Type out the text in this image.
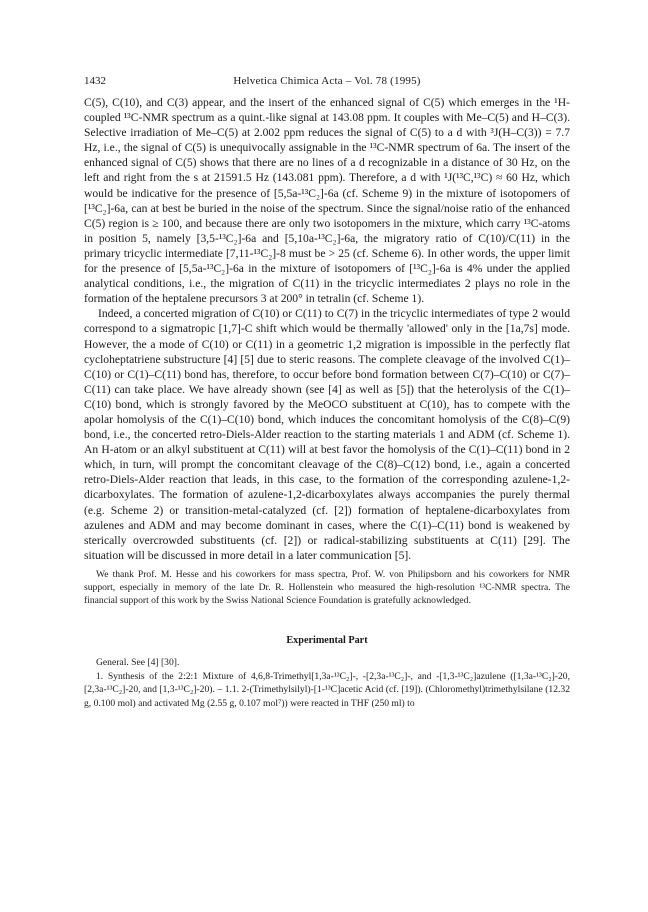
1432	Helvetica Chimica Acta – Vol. 78 (1995)

C(5), C(10), and C(3) appear, and the insert of the enhanced signal of C(5) which emerges in the ¹H-coupled ¹³C-NMR spectrum as a quint.-like signal at 143.08 ppm. It couples with Me–C(5) and H–C(3). Selective irradiation of Me–C(5) at 2.002 ppm reduces the signal of C(5) to a d with ³J(H–C(3)) = 7.7 Hz, i.e., the signal of C(5) is unequivocally assignable in the ¹³C-NMR spectrum of 6a. The insert of the enhanced signal of C(5) shows that there are no lines of a d recognizable in a distance of 30 Hz, on the left and right from the s at 21591.5 Hz (143.081 ppm). Therefore, a d with ¹J(¹³C,¹³C) ≈ 60 Hz, which would be indicative for the presence of [5,5a-¹³C₂]-6a (cf. Scheme 9) in the mixture of isotopomers of [¹³C₂]-6a, can at best be buried in the noise of the spectrum. Since the signal/noise ratio of the enhanced C(5) region is ≥ 100, and because there are only two isotopomers in the mixture, which carry ¹³C-atoms in position 5, namely [3,5-¹³C₂]-6a and [5,10a-¹³C₂]-6a, the migratory ratio of C(10)/C(11) in the primary tricyclic intermediate [7,11-¹³C₂]-8 must be > 25 (cf. Scheme 6). In other words, the upper limit for the presence of [5,5a-¹³C₂]-6a in the mixture of isotopomers of [¹³C₂]-6a is 4% under the applied analytical conditions, i.e., the migration of C(11) in the tricyclic intermediates 2 plays no role in the formation of the heptalene precursors 3 at 200° in tetralin (cf. Scheme 1).

Indeed, a concerted migration of C(10) or C(11) to C(7) in the tricyclic intermediates of type 2 would correspond to a sigmatropic [1,7]-C shift which would be thermally 'allowed' only in the [1a,7s] mode. However, the a mode of C(10) or C(11) in a geometric 1,2 migration is impossible in the perfectly flat cycloheptatriene substructure [4] [5] due to steric reasons. The complete cleavage of the involved C(1)–C(10) or C(1)–C(11) bond has, therefore, to occur before bond formation between C(7)–C(10) or C(7)–C(11) can take place. We have already shown (see [4] as well as [5]) that the heterolysis of the C(1)–C(10) bond, which is strongly favored by the MeOCO substituent at C(10), has to compete with the apolar homolysis of the C(1)–C(10) bond, which induces the concomitant homolysis of the C(8)–C(9) bond, i.e., the concerted retro-Diels-Alder reaction to the starting materials 1 and ADM (cf. Scheme 1). An H-atom or an alkyl substituent at C(11) will at best favor the homolysis of the C(1)–C(11) bond in 2 which, in turn, will prompt the concomitant cleavage of the C(8)–C(12) bond, i.e., again a concerted retro-Diels-Alder reaction that leads, in this case, to the formation of the corresponding azulene-1,2-dicarboxylates. The formation of azulene-1,2-dicarboxylates always accompanies the purely thermal (e.g. Scheme 2) or transition-metal-catalyzed (cf. [2]) formation of heptalene-dicarboxylates from azulenes and ADM and may become dominant in cases, where the C(1)–C(11) bond is weakened by sterically overcrowded substituents (cf. [2]) or radical-stabilizing substituents at C(11) [29]. The situation will be discussed in more detail in a later communication [5].

We thank Prof. M. Hesse and his coworkers for mass spectra, Prof. W. von Philipsborn and his coworkers for NMR support, especially in memory of the late Dr. R. Hollenstein who measured the high-resolution ¹³C-NMR spectra. The financial support of this work by the Swiss National Science Foundation is gratefully acknowledged.
Experimental Part

General. See [4] [30].

1. Synthesis of the 2:2:1 Mixture of 4,6,8-Trimethyl[1,3a-¹³C₂]-, -[2,3a-¹³C₂]-, and -[1,3-¹³C₂]azulene ([1,3a-¹³C₂]-20, [2,3a-¹³C₂]-20, and [1,3-¹³C₂]-20). – 1.1. 2-(Trimethylsilyl)-[1-¹³C]acetic Acid (cf. [19]). (Chloromethyl)trimethylsilane (12.32 g, 0.100 mol) and activated Mg (2.55 g, 0.107 mol⁷)) were reacted in THF (250 ml) to
